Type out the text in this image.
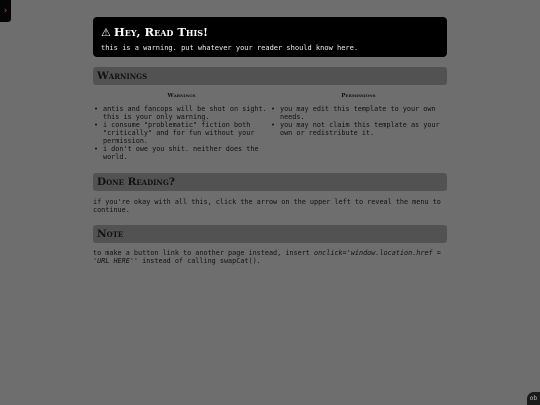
›
⚠ Hey, Read This!
this is a warning. put whatever your reader should know here.
Warnings
Warnings
• antis and fancops will be shot on sight. this is your only warning.
• i consume "problematic" fiction both "critically" and for fun without your permission.
• i don't owe you shit. neither does the world.
Permissions
• you may edit this template to your own needs.
• you may not claim this template as your own or redistribute it.
Done Reading?

if you're okay with all this, click the arrow on the upper left to reveal the menu to continue.

Note

to make a button link to another page instead, insert onclick='window.location.href = 'URL HERE'' instead of calling swapCat().

ob
